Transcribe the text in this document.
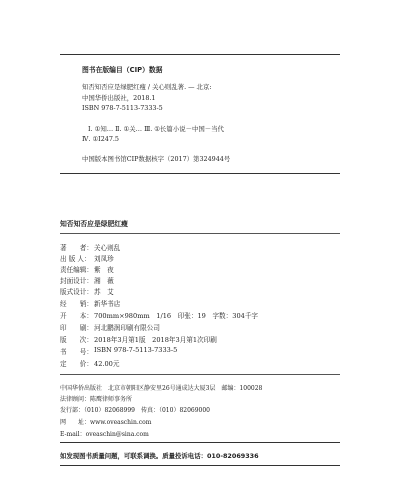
图书在版编目（CIP）数据
知否知否应是绿肥红瘦 / 关心则乱著. — 北京:
中国华侨出版社，2018.1
ISBN 978-7-5113-7333-5
Ⅰ. ①知… Ⅱ. ①关… Ⅲ. ①长篇小说－中国－当代
Ⅳ. ①I247.5
中国版本图书馆CIP数据核字（2017）第324944号
知否知否应是绿肥红瘦
著　　者： 关心则乱
出 版 人： 刘凤珍
责任编辑： 紫　夜
封面设计： 湘　薇
版式设计： 苏　艾
经　　销： 新华书店
开　　本： 700mm×980mm　1/16　印张：19　字数：304千字
印　　刷： 河北鹏润印刷有限公司
版　　次： 2018年3月第1版　2018年3月第1次印刷
书　　号： ISBN 978-7-5113-7333-5
定　　价： 42.00元
中国华侨出版社　北京市朝阳区静安里26号通成达大厦3层　邮编：100028
法律顾问：陈鹰律师事务所
发行部：（010）82068999　传真：（010）82069000
网　　址：www.oveaschin.com
E-mail：oveaschin@sina.com
如发现图书质量问题，可联系调换。质量投诉电话：010-82069336
